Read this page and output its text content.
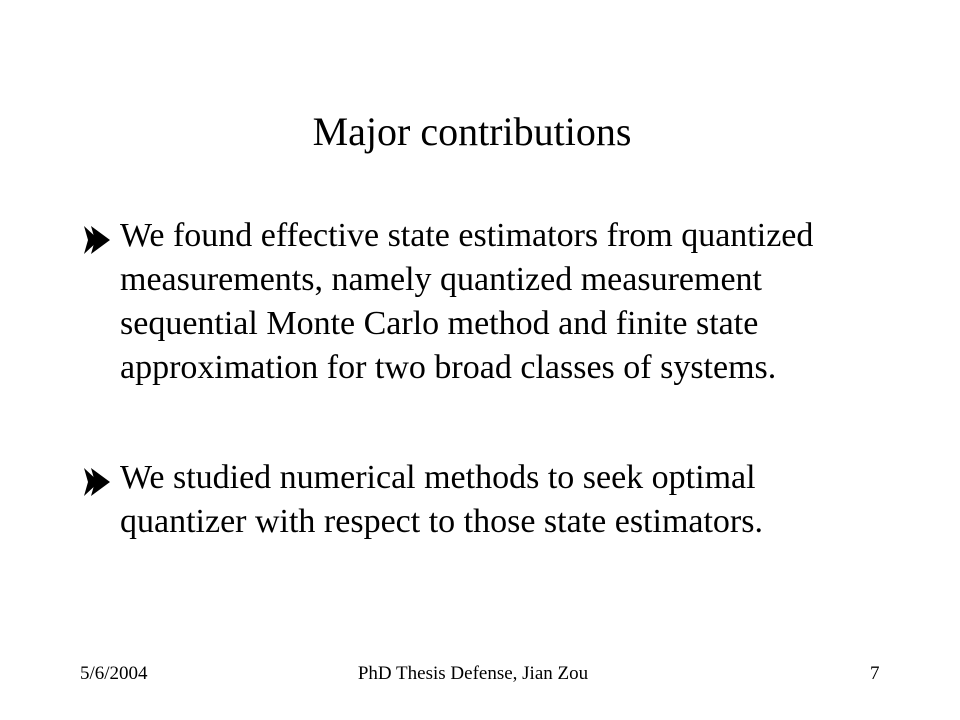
Major contributions
We found effective state estimators from quantized measurements, namely quantized measurement sequential Monte Carlo method and finite state approximation for two broad classes of systems.
We studied numerical methods to seek optimal quantizer with respect to those state estimators.
5/6/2004	PhD Thesis Defense, Jian Zou	7
